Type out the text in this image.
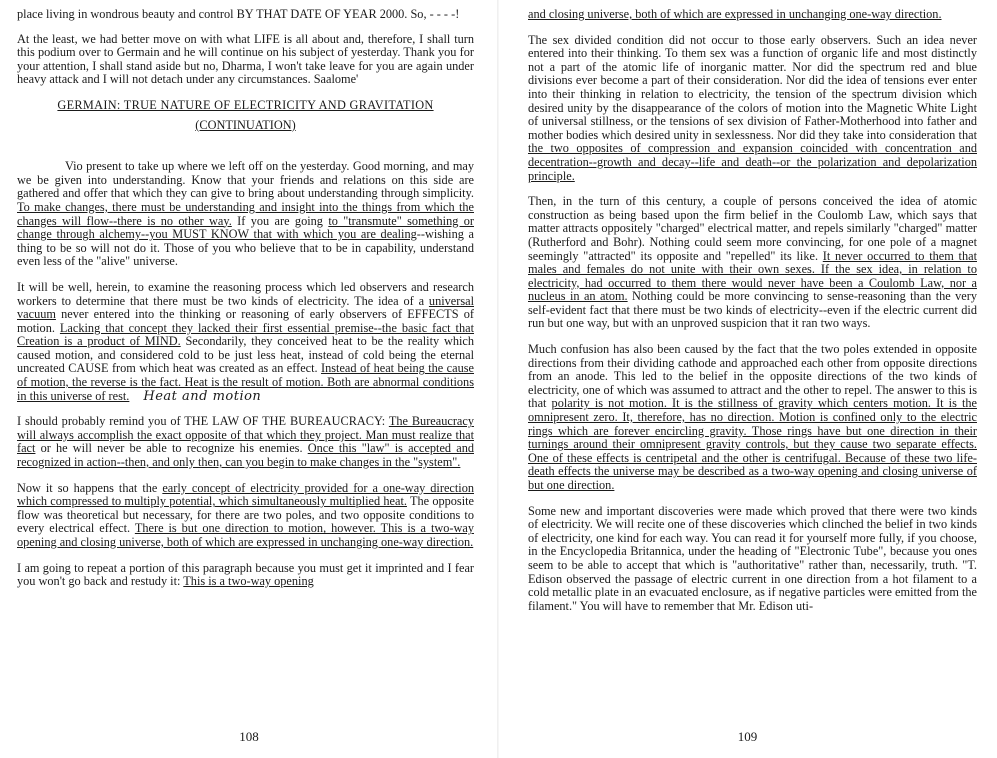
place living in wondrous beauty and control BY THAT DATE OF YEAR 2000. So, - - - -!

At the least, we had better move on with what LIFE is all about and, therefore, I shall turn this podium over to Germain and he will continue on his subject of yesterday. Thank you for your attention, I shall stand aside but no, Dharma, I won't take leave for you are again under heavy attack and I will not detach under any circumstances. Saalome'

GERMAIN: TRUE NATURE OF ELECTRICITY AND GRAVITATION
(CONTINUATION)

Vio present to take up where we left off on the yesterday. Good morning, and may we be given into understanding. Know that your friends and relations on this side are gathered and offer that which they can give to bring about understanding through simplicity. To make changes, there must be understanding and insight into the things from which the changes will flow--there is no other way. If you are going to "transmute" something or change through alchemy--you MUST KNOW that with which you are dealing--wishing a thing to be so will not do it. Those of you who believe that to be in capability, understand even less of the "alive" universe.

It will be well, herein, to examine the reasoning process which led observers and research workers to determine that there must be two kinds of electricity. The idea of a universal vacuum never entered into the thinking or reasoning of early observers of EFFECTS of motion. Lacking that concept they lacked their first essential premise--the basic fact that Creation is a product of MIND. Secondarily, they conceived heat to be the reality which caused motion, and considered cold to be just less heat, instead of cold being the eternal uncreated CAUSE from which heat was created as an effect. Instead of heat being the cause of motion, the reverse is the fact. Heat is the result of motion. Both are abnormal conditions in this universe of rest. Heat and motion

I should probably remind you of THE LAW OF THE BUREAUCRACY: The Bureaucracy will always accomplish the exact opposite of that which they project. Man must realize that fact or he will never be able to recognize his enemies. Once this "law" is accepted and recognized in action--then, and only then, can you begin to make changes in the "system".

Now it so happens that the early concept of electricity provided for a one-way direction which compressed to multiply potential, which simultaneously multiplied heat. The opposite flow was theoretical but necessary, for there are two poles, and two opposite conditions to every electrical effect. There is but one direction to motion, however. This is a two-way opening and closing universe, both of which are expressed in unchanging one-way direction.

I am going to repeat a portion of this paragraph because you must get it imprinted and I fear you won't go back and restudy it: This is a two-way opening

108

and closing universe, both of which are expressed in unchanging one-way direction.

The sex divided condition did not occur to those early observers. Such an idea never entered into their thinking. To them sex was a function of organic life and most distinctly not a part of the atomic life of inorganic matter. Nor did the spectrum red and blue divisions ever become a part of their consideration. Nor did the idea of tensions ever enter into their thinking in relation to electricity, the tension of the spectrum division which desired unity by the disappearance of the colors of motion into the Magnetic White Light of universal stillness, or the tensions of sex division of Father-Motherhood into father and mother bodies which desired unity in sexlessness. Nor did they take into consideration that the two opposites of compression and expansion coincided with concentration and decentration--growth and decay--life and death--or the polarization and depolarization principle.

Then, in the turn of this century, a couple of persons conceived the idea of atomic construction as being based upon the firm belief in the Coulomb Law, which says that matter attracts oppositely "charged" electrical matter, and repels similarly "charged" matter (Rutherford and Bohr). Nothing could seem more convincing, for one pole of a magnet seemingly "attracted" its opposite and "repelled" its like. It never occurred to them that males and females do not unite with their own sexes. If the sex idea, in relation to electricity, had occurred to them there would never have been a Coulomb Law, nor a nucleus in an atom. Nothing could be more convincing to sense-reasoning than the very self-evident fact that there must be two kinds of electricity--even if the electric current did run but one way, but with an unproved suspicion that it ran two ways.

Much confusion has also been caused by the fact that the two poles extended in opposite directions from their dividing cathode and approached each other from opposite directions from an anode. This led to the belief in the opposite directions of the two kinds of electricity, one of which was assumed to attract and the other to repel. The answer to this is that polarity is not motion. It is the stillness of gravity which centers motion. It is the omnipresent zero. It, therefore, has no direction. Motion is confined only to the electric rings which are forever encircling gravity. Those rings have but one direction in their turnings around their omnipresent gravity controls, but they cause two separate effects. One of these effects is centripetal and the other is centrifugal. Because of these two life-death effects the universe may be described as a two-way opening and closing universe of but one direction.

Some new and important discoveries were made which proved that there were two kinds of electricity. We will recite one of these discoveries which clinched the belief in two kinds of electricity, one kind for each way. You can read it for yourself more fully, if you choose, in the Encyclopedia Britannica, under the heading of "Electronic Tube", because you ones seem to be able to accept that which is "authoritative" rather than, necessarily, truth. "T. Edison observed the passage of electric current in one direction from a hot filament to a cold metallic plate in an evacuated enclosure, as if negative particles were emitted from the filament." You will have to remember that Mr. Edison uti-

109
